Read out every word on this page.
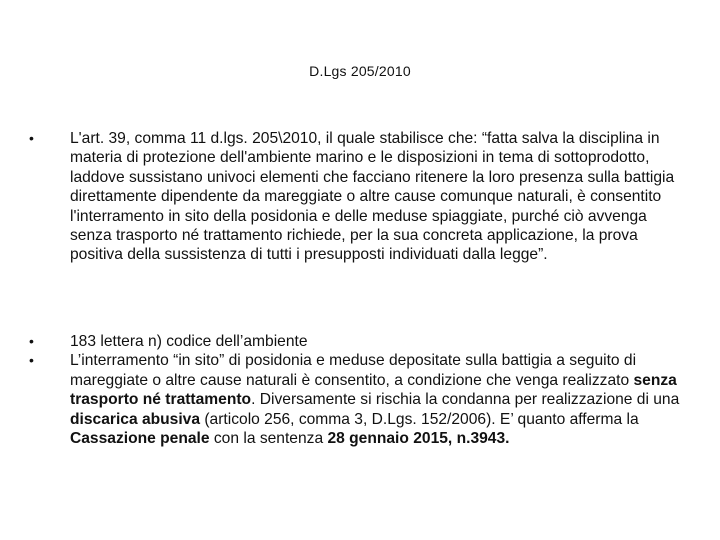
D.Lgs 205/2010
•	L'art. 39, comma 11 d.lgs. 205\2010, il quale stabilisce che: “fatta salva la disciplina in materia di protezione dell'ambiente marino e le disposizioni in tema di sottoprodotto, laddove sussistano univoci elementi che facciano ritenere la loro presenza sulla battigia direttamente dipendente da mareggiate o altre cause comunque naturali, è consentito l'interramento in sito della posidonia e delle meduse spiaggiate, purché ciò avvenga senza trasporto né trattamento richiede, per la sua concreta applicazione, la prova positiva della sussistenza di tutti i presupposti individuati dalla legge”.
•	183 lettera n) codice dell’ambiente
•	L’interramento “in sito” di posidonia e meduse depositate sulla battigia a seguito di mareggiate o altre cause naturali è consentito, a condizione che venga realizzato senza trasporto né trattamento. Diversamente si rischia la condanna per realizzazione di una discarica abusiva (articolo 256, comma 3, D.Lgs. 152/2006). E’ quanto afferma la Cassazione penale con la sentenza 28 gennaio 2015, n.3943.
